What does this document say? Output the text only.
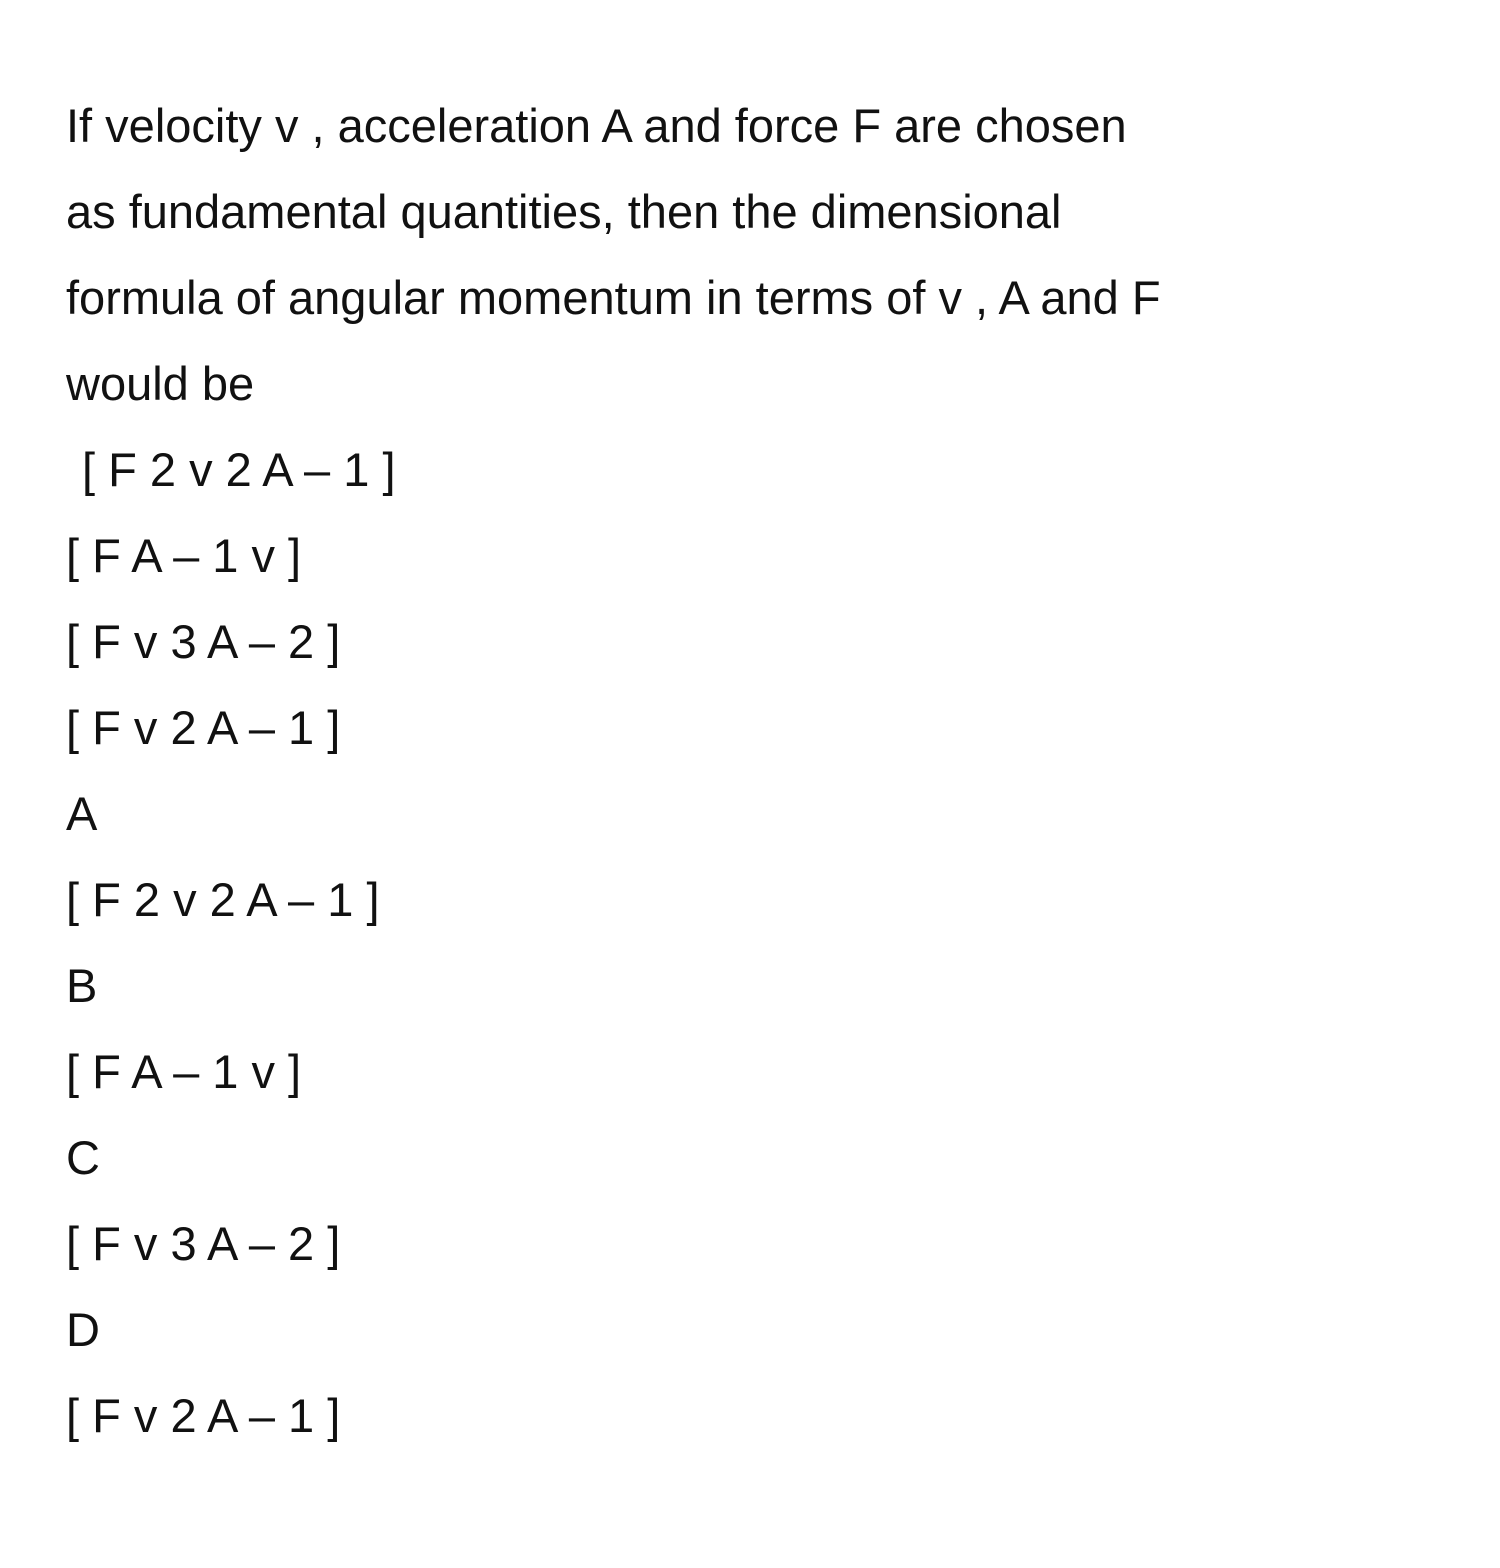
If velocity v , acceleration A and force F are chosen
as fundamental quantities, then the dimensional
formula of angular momentum in terms of v , A and F
would be
[ F 2 v 2 A – 1 ]
[ F A – 1 v ]
[ F v 3 A – 2 ]
[ F v 2 A – 1 ]
A
[ F 2 v 2 A – 1 ]
B
[ F A – 1 v ]
C
[ F v 3 A – 2 ]
D
[ F v 2 A – 1 ]
